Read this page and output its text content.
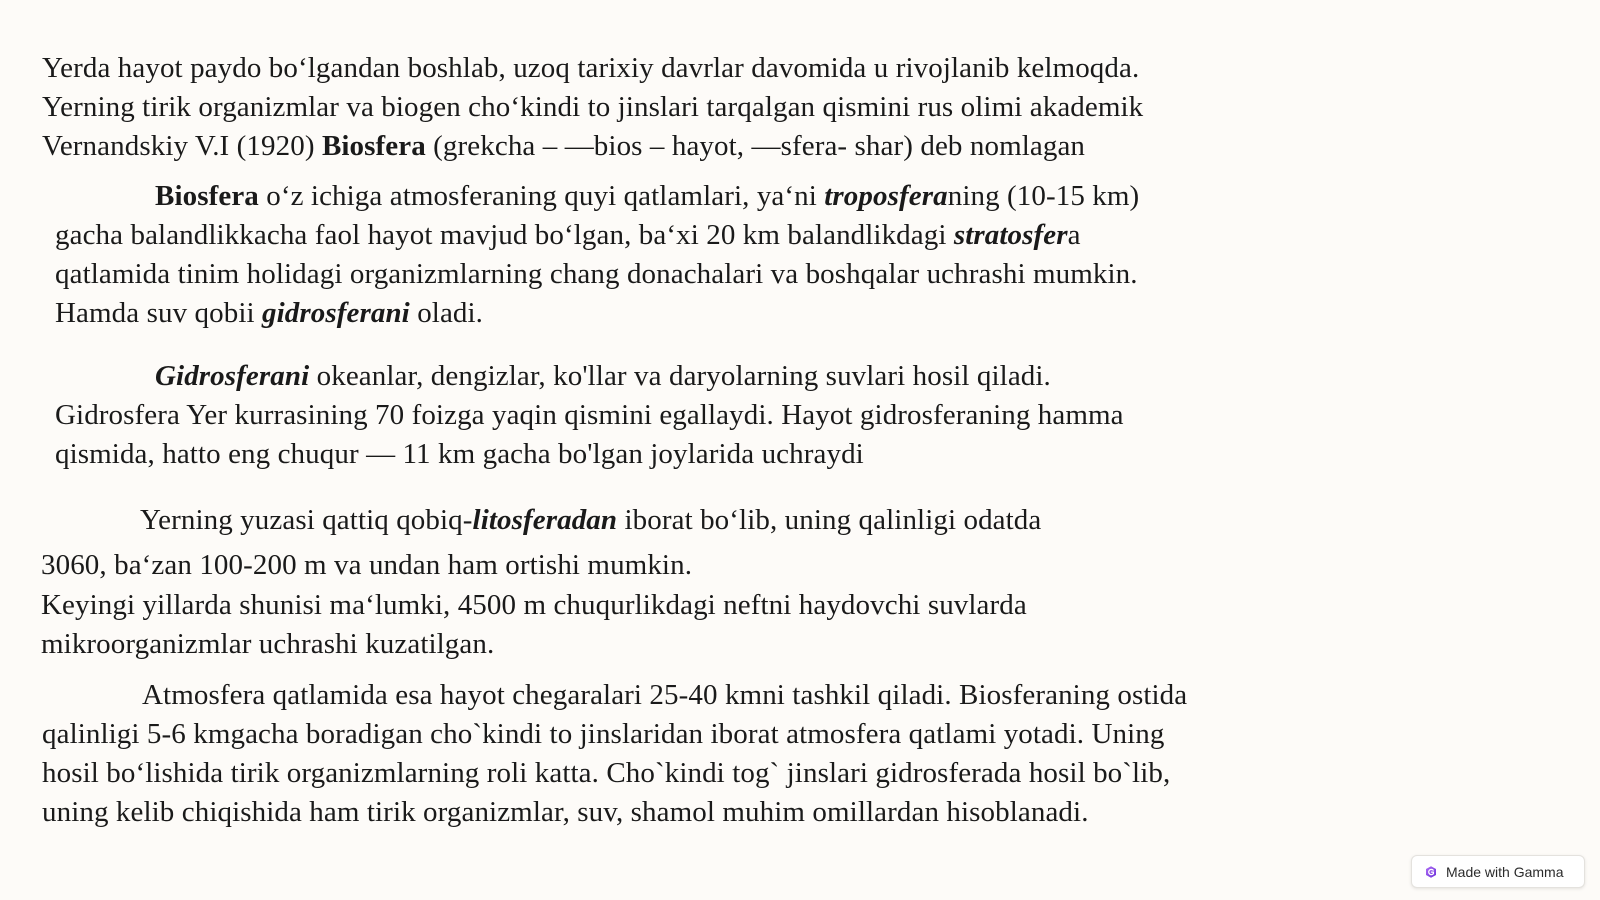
Yerda hayot paydo bo‘lgandan boshlab, uzoq tarixiy davrlar davomida u rivojlanib kelmoqda.
Yerning tirik organizmlar va biogen cho‘kindi to jinslari tarqalgan qismini rus olimi akademik
Vernandskiy V.I (1920) Biosfera (grekcha – —bios – hayot, —sfera- shar) deb nomlagan
Biosfera o‘z ichiga atmosferaning quyi qatlamlari, ya‘ni troposferaning (10-15 km)
gacha balandlikkacha faol hayot mavjud bo‘lgan, ba‘xi 20 km balandlikdagi stratosfera
qatlamida tinim holidagi organizmlarning chang donachalari va boshqalar uchrashi mumkin.
Hamda suv qobii gidrosferani oladi.
Gidrosferani okeanlar, dengizlar, ko'llar va daryolarning suvlari hosil qiladi.
Gidrosfera Yer kurrasining 70 foizga yaqin qismini egallaydi. Hayot gidrosferaning hamma
qismida, hatto eng chuqur — 11 km gacha bo'lgan joylarida uchraydi
Yerning yuzasi qattiq qobiq-litosferadan iborat bo‘lib, uning qalinligi odatda
3060, ba‘zan 100-200 m va undan ham ortishi mumkin.
Keyingi yillarda shunisi ma‘lumki, 4500 m chuqurlikdagi neftni haydovchi suvlarda
mikroorganizmlar uchrashi kuzatilgan.
Atmosfera qatlamida esa hayot chegaralari 25-40 kmni tashkil qiladi. Biosferaning ostida
qalinligi 5-6 kmgacha boradigan cho`kindi to jinslaridan iborat atmosfera qatlami yotadi. Uning
hosil bo‘lishida tirik organizmlarning roli katta. Cho`kindi tog` jinslari gidrosferada hosil bo`lib,
uning kelib chiqishida ham tirik organizmlar, suv, shamol muhim omillardan hisoblanadi.
Made with Gamma
